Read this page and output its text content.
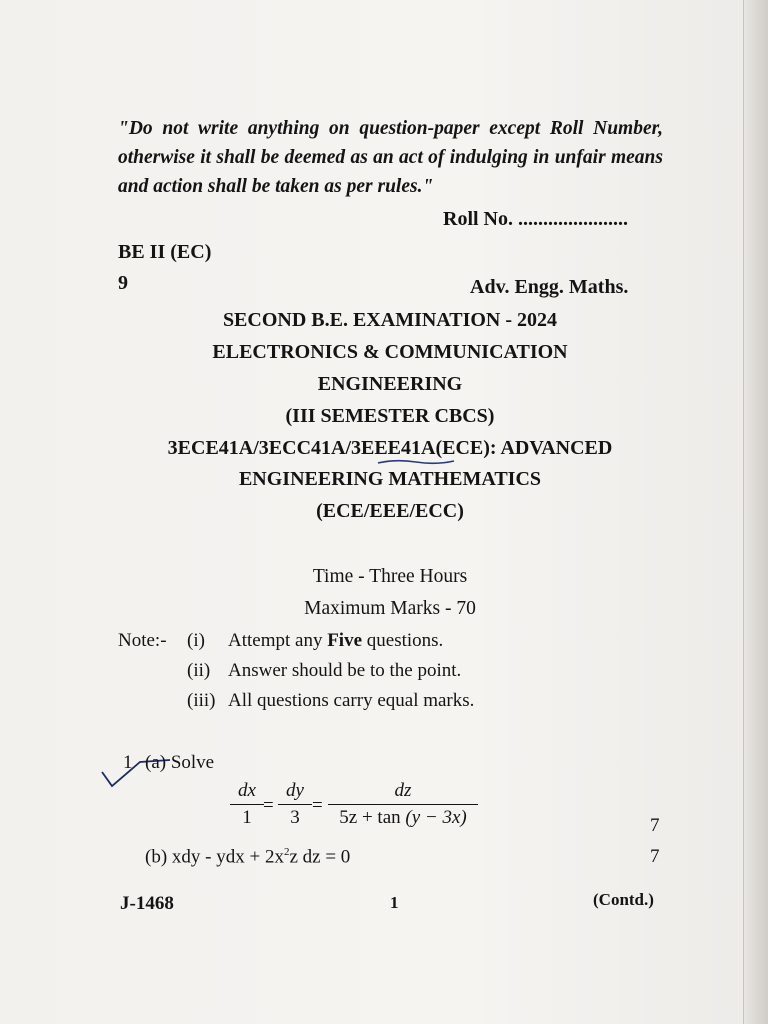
"Do not write anything on question-paper except Roll Number, otherwise it shall be deemed as an act of indulging in unfair means and action shall be taken as per rules."
Roll No. ......................
BE II (EC)
9	Adv. Engg. Maths.
SECOND B.E. EXAMINATION - 2024
ELECTRONICS & COMMUNICATION
ENGINEERING
(III SEMESTER CBCS)
3ECE41A/3ECC41A/3EEE41A(ECE): ADVANCED
ENGINEERING MATHEMATICS
(ECE/EEE/ECC)
Time - Three Hours
Maximum Marks - 70
Note:- (i) Attempt any Five questions.
(ii) Answer should be to the point.
(iii) All questions carry equal marks.
1 (a) Solve
$\frac{dx}{1} = \frac{dy}{3} = \frac{dz}{5z + \tan (y - 3x)}$	7
(b) xdy - ydx + $2x^2z$ dz = 0	7
J-1468	1	(Contd.)
